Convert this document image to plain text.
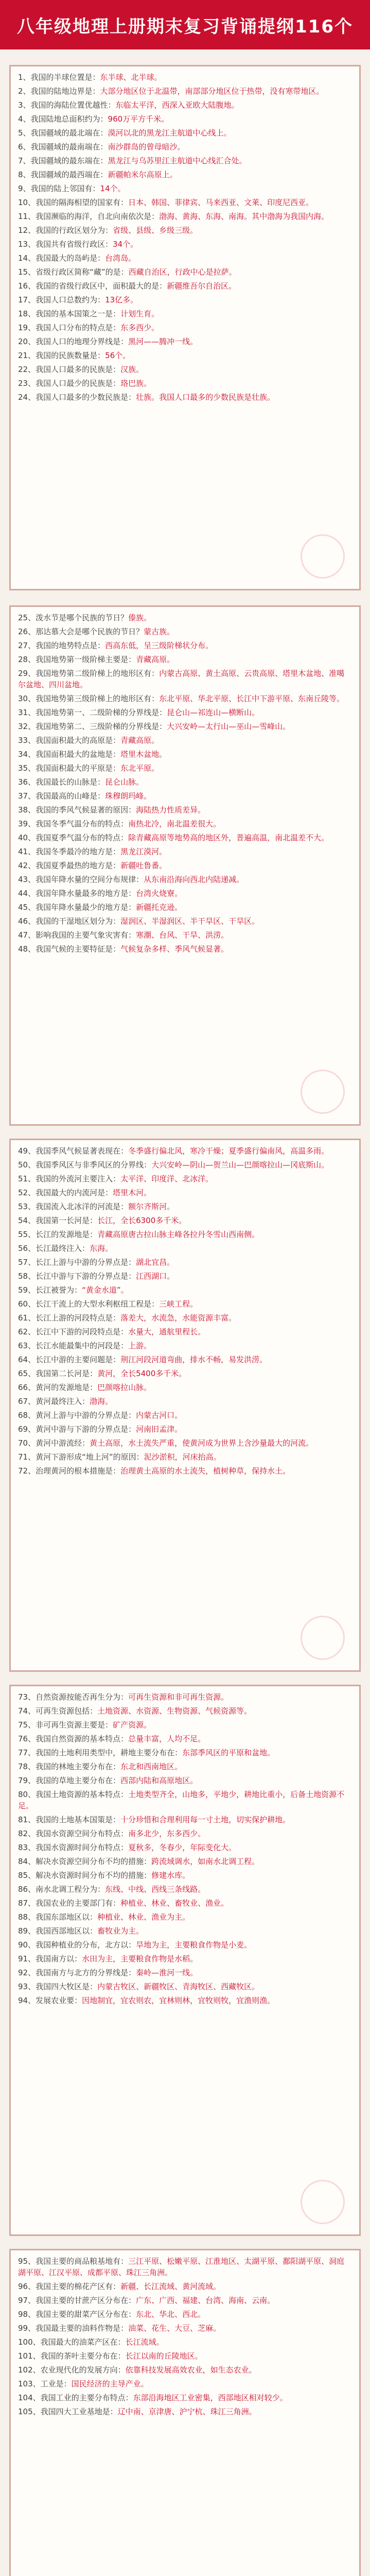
八年级地理上册期末复习背诵提纲116个

1、我国的半球位置是：东半球、北半球。

2、我国的陆地边界是：大部分地区位于北温带，南部部分地区位于热带，没有寒带地区。

3、我国的海陆位置优越性：东临太平洋，西深入亚欧大陆腹地。

4、我国陆地总面积约为：960万平方千米。

5、我国疆域的最北端在：漠河以北的黑龙江主航道中心线上。

6、我国疆域的最南端在：南沙群岛的曾母暗沙。

7、我国疆域的最东端在：黑龙江与乌苏里江主航道中心线汇合处。

8、我国疆域的最西端在：新疆帕米尔高原上。

9、我国的陆上邻国有：14个。

10、我国的隔海相望的国家有：日本、韩国、菲律宾、马来西亚、文莱、印度尼西亚。

11、我国濒临的海洋，自北向南依次是：渤海、黄海、东海、南海。其中渤海为我国内海。

12、我国的行政区划分为：省级、县级、乡级三级。

13、我国共有省级行政区：34个。

14、我国最大的岛屿是：台湾岛。

15、省级行政区简称“藏”的是：西藏自治区，行政中心是拉萨。

16、我国的省级行政区中，面积最大的是：新疆维吾尔自治区。

17、我国人口总数约为：13亿多。

18、我国的基本国策之一是：计划生育。

19、我国人口分布的特点是：东多西少。

20、我国人口的地理分界线是：黑河——腾冲一线。

21、我国的民族数量是：56个。

22、我国人口最多的民族是：汉族。

23、我国人口最少的民族是：珞巴族。

24、我国人口最多的少数民族是：壮族。我国人口最多的少数民族是壮族。

25、泼水节是哪个民族的节日？傣族。

26、那达慕大会是哪个民族的节日？蒙古族。

27、我国的地势特点是：西高东低，呈三级阶梯状分布。

28、我国地势第一级阶梯主要是：青藏高原。

29、我国地势第二级阶梯上的地形区有：内蒙古高原、黄土高原、云贵高原、塔里木盆地、准噶尔盆地、四川盆地。

30、我国地势第三级阶梯上的地形区有：东北平原、华北平原、长江中下游平原、东南丘陵等。

31、我国地势第一、二级阶梯的分界线是：昆仑山—祁连山—横断山。

32、我国地势第二、三级阶梯的分界线是：大兴安岭—太行山—巫山—雪峰山。

33、我国面积最大的高原是：青藏高原。

34、我国面积最大的盆地是：塔里木盆地。

35、我国面积最大的平原是：东北平原。

36、我国最长的山脉是：昆仑山脉。

37、我国最高的山峰是：珠穆朗玛峰。

38、我国的季风气候显著的原因：海陆热力性质差异。

39、我国冬季气温分布的特点：南热北冷，南北温差很大。

40、我国夏季气温分布的特点：除青藏高原等地势高的地区外，普遍高温，南北温差不大。

41、我国冬季最冷的地方是：黑龙江漠河。

42、我国夏季最热的地方是：新疆吐鲁番。

43、我国年降水量的空间分布规律：从东南沿海向西北内陆递减。

44、我国年降水量最多的地方是：台湾火烧寮。

45、我国年降水量最少的地方是：新疆托克逊。

46、我国的干湿地区划分为：湿润区、半湿润区、半干旱区、干旱区。

47、影响我国的主要气象灾害有：寒潮、台风、干旱、洪涝。

48、我国气候的主要特征是：气候复杂多样、季风气候显著。

49、我国季风气候显著表现在：冬季盛行偏北风，寒冷干燥；夏季盛行偏南风，高温多雨。

50、我国季风区与非季风区的分界线：大兴安岭—阴山—贺兰山—巴颜喀拉山—冈底斯山。

51、我国的外流河主要注入：太平洋、印度洋、北冰洋。

52、我国最大的内流河是：塔里木河。

53、我国流入北冰洋的河流是：额尔齐斯河。

54、我国第一长河是：长江，全长6300多千米。

55、长江的发源地是：青藏高原唐古拉山脉主峰各拉丹冬雪山西南侧。

56、长江最终注入：东海。

57、长江上游与中游的分界点是：湖北宜昌。

58、长江中游与下游的分界点是：江西湖口。

59、长江被誉为：“黄金水道”。

60、长江干流上的大型水利枢纽工程是：三峡工程。

61、长江上游的河段特点是：落差大，水流急，水能资源丰富。

62、长江中下游的河段特点是：水量大，通航里程长。

63、长江水能最集中的河段是：上游。

64、长江中游的主要问题是：荆江河段河道弯曲，排水不畅，易发洪涝。

65、我国第二长河是：黄河，全长5400多千米。

66、黄河的发源地是：巴颜喀拉山脉。

67、黄河最终注入：渤海。

68、黄河上游与中游的分界点是：内蒙古河口。

69、黄河中游与下游的分界点是：河南旧孟津。

70、黄河中游流经：黄土高原，水土流失严重，使黄河成为世界上含沙量最大的河流。

71、黄河下游形成“地上河”的原因：泥沙淤积，河床抬高。

72、治理黄河的根本措施是：治理黄土高原的水土流失，植树种草，保持水土。

73、自然资源按能否再生分为：可再生资源和非可再生资源。

74、可再生资源包括：土地资源、水资源、生物资源、气候资源等。

75、非可再生资源主要是：矿产资源。

76、我国自然资源的基本特点：总量丰富，人均不足。

77、我国的土地利用类型中，耕地主要分布在：东部季风区的平原和盆地。

78、我国的林地主要分布在：东北和西南地区。

79、我国的草地主要分布在：西部内陆和高原地区。

80、我国土地资源的基本特点：土地类型齐全，山地多，平地少，耕地比重小，后备土地资源不足。

81、我国的土地基本国策是：十分珍惜和合理利用每一寸土地，切实保护耕地。

82、我国水资源空间分布特点：南多北少，东多西少。

83、我国水资源时间分布特点：夏秋多，冬春少，年际变化大。

84、解决水资源空间分布不均的措施：跨流域调水，如南水北调工程。

85、解决水资源时间分布不均的措施：修建水库。

86、南水北调工程分为：东线、中线、西线三条线路。

87、我国农业的主要部门有：种植业、林业、畜牧业、渔业。

88、我国东部地区以：种植业、林业、渔业为主。

89、我国西部地区以：畜牧业为主。

90、我国种植业的分布，北方以：旱地为主，主要粮食作物是小麦。

91、我国南方以：水田为主，主要粮食作物是水稻。

92、我国南方与北方的分界线是：秦岭—淮河一线。

93、我国四大牧区是：内蒙古牧区、新疆牧区、青海牧区、西藏牧区。

94、发展农业要：因地制宜，宜农则农，宜林则林，宜牧则牧，宜渔则渔。

95、我国主要的商品粮基地有：三江平原、松嫩平原、江淮地区、太湖平原、鄱阳湖平原、洞庭湖平原、江汉平原、成都平原、珠江三角洲。

96、我国主要的棉花产区有：新疆、长江流域、黄河流域。

97、我国主要的甘蔗产区分布在：广东、广西、福建、台湾、海南、云南。

98、我国主要的甜菜产区分布在：东北、华北、西北。

99、我国最主要的油料作物是：油菜、花生、大豆、芝麻。

100、我国最大的油菜产区在：长江流域。

101、我国的茶叶主要分布在：长江以南的丘陵地区。

102、农业现代化的发展方向：依靠科技发展高效农业，如生态农业。

103、工业是：国民经济的主导产业。

104、我国工业的主要分布特点：东部沿海地区工业密集，西部地区相对较少。

105、我国四大工业基地是：辽中南、京津唐、沪宁杭、珠江三角洲。
